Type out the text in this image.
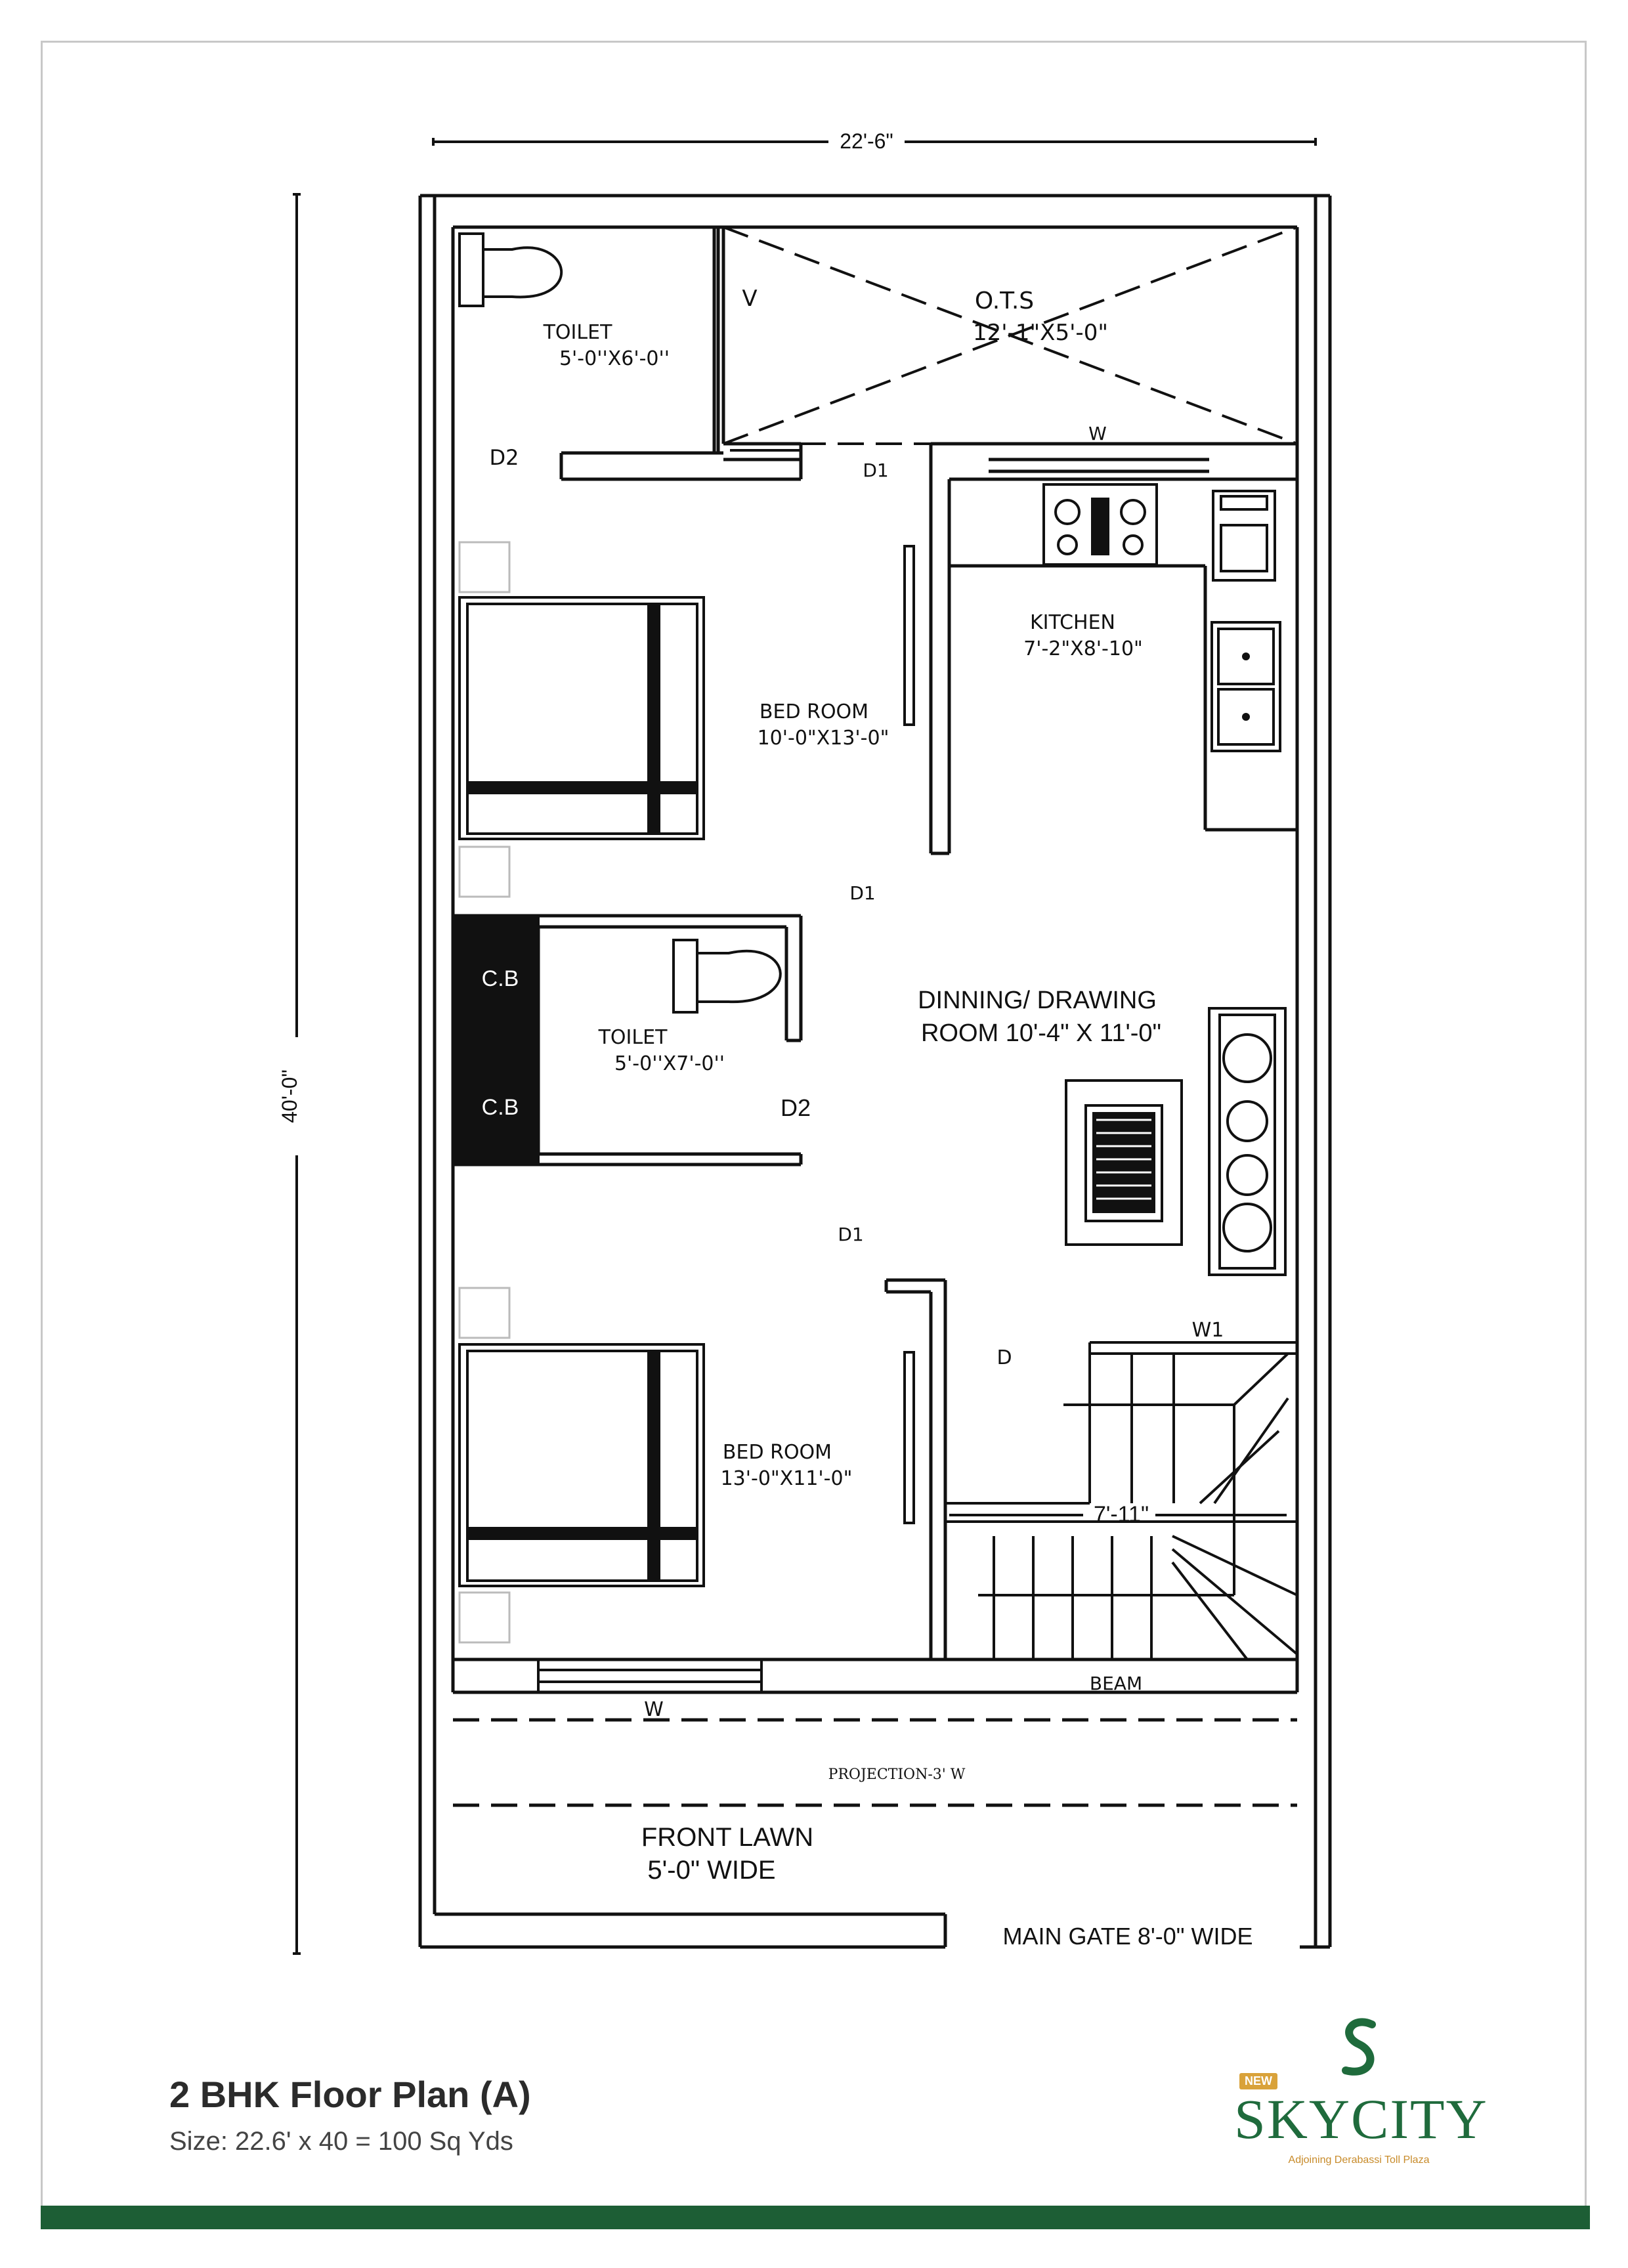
22'-6"
40'-0"
O.T.S
12'-1"X5'-0"
V
TOILET
5'-0''X6'-0''
D2
D1
W
KITCHEN
7'-2"X8'-10"
BED ROOM
10'-0"X13'-0"
D1
DINNING/ DRAWING
ROOM 10'-4" X 11'-0"
C.B
C.B
TOILET
5'-0''X7'-0''
D2
D1
D
W1
BED ROOM
13'-0"X11'-0"
7'-11"
BEAM
W
PROJECTION-3' W
FRONT LAWN
5'-0" WIDE
MAIN GATE 8'-0" WIDE
2 BHK Floor Plan (A)
Size: 22.6' x 40 = 100 Sq Yds
NEW
SKYCITY
Adjoining Derabassi Toll Plaza
